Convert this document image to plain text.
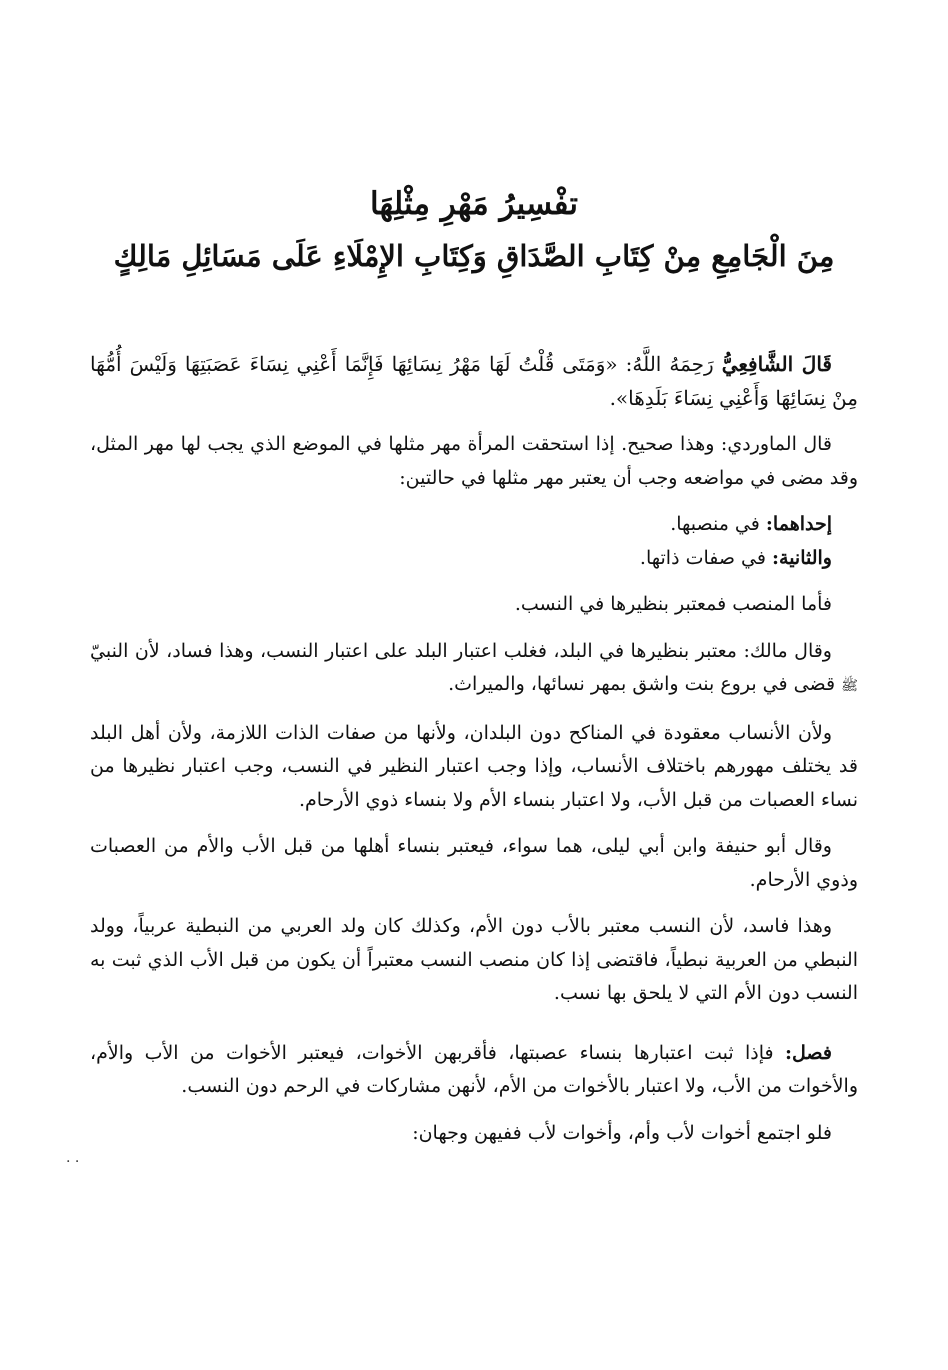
تفْسِيرُ مَهْرِ مِثْلِهَا

مِنَ الْجَامِعِ مِنْ كِتَابِ الصَّدَاقِ وَكِتَابِ الإِمْلَاءِ عَلَى مَسَائِلِ مَالِكٍ

قَالَ الشَّافِعِيُّ رَحِمَهُ اللَّهُ: «وَمَتَى قُلْتُ لَهَا مَهْرُ نِسَائِهَا فَإِنَّمَا أَعْنِي نِسَاءَ عَصَبَتِهَا وَلَيْسَ أُمُّهَا مِنْ نِسَائِهَا وَأَعْنِي نِسَاءَ بَلَدِهَا».

قال الماوردي: وهذا صحيح. إذا استحقت المرأة مهر مثلها في الموضع الذي يجب لها مهر المثل، وقد مضى في مواضعه وجب أن يعتبر مهر مثلها في حالتين:

إحداهما: في منصبها.

والثانية: في صفات ذاتها.

فأما المنصب فمعتبر بنظيرها في النسب.

وقال مالك: معتبر بنظيرها في البلد، فغلب اعتبار البلد على اعتبار النسب، وهذا فساد، لأن النبيّ ﷺ قضى في بروع بنت واشق بمهر نسائها، والميراث.

ولأن الأنساب معقودة في المناكح دون البلدان، ولأنها من صفات الذات اللازمة، ولأن أهل البلد قد يختلف مهورهم باختلاف الأنساب، وإذا وجب اعتبار النظير في النسب، وجب اعتبار نظيرها من نساء العصبات من قبل الأب، ولا اعتبار بنساء الأم ولا بنساء ذوي الأرحام.

وقال أبو حنيفة وابن أبي ليلى، هما سواء، فيعتبر بنساء أهلها من قبل الأب والأم من العصبات وذوي الأرحام.

وهذا فاسد، لأن النسب معتبر بالأب دون الأم، وكذلك كان ولد العربي من النبطية عربياً، وولد النبطي من العربية نبطياً، فاقتضى إذا كان منصب النسب معتبراً أن يكون من قبل الأب الذي ثبت به النسب دون الأم التي لا يلحق بها نسب.

فصل: فإذا ثبت اعتبارها بنساء عصبتها، فأقربهن الأخوات، فيعتبر الأخوات من الأب والأم، والأخوات من الأب، ولا اعتبار بالأخوات من الأم، لأنهن مشاركات في الرحم دون النسب.

فلو اجتمع أخوات لأب وأم، وأخوات لأب ففيهن وجهان:

. .
